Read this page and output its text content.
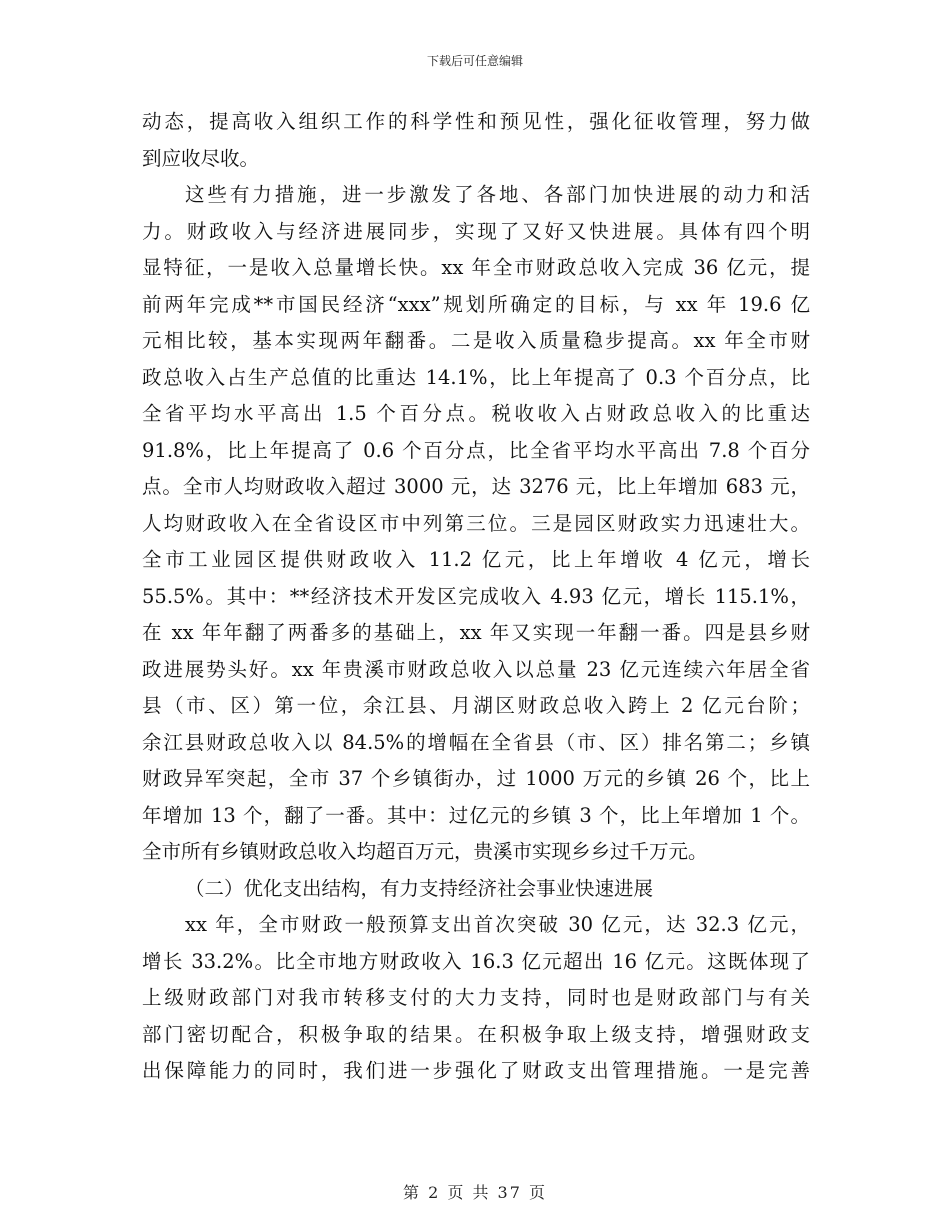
下载后可任意编辑
动态，提高收入组织工作的科学性和预见性，强化征收管理，努力做
到应收尽收。
这些有力措施，进一步激发了各地、各部门加快进展的动力和活
力。财政收入与经济进展同步，实现了又好又快进展。具体有四个明
显特征，一是收入总量增长快。xx 年全市财政总收入完成 36 亿元，提
前两年完成**市国民经济“xxx”规划所确定的目标，与 xx 年 19.6 亿
元相比较，基本实现两年翻番。二是收入质量稳步提高。xx 年全市财
政总收入占生产总值的比重达 14.1%，比上年提高了 0.3 个百分点，比
全省平均水平高出 1.5 个百分点。税收收入占财政总收入的比重达
91.8%，比上年提高了 0.6 个百分点，比全省平均水平高出 7.8 个百分
点。全市人均财政收入超过 3000 元，达 3276 元，比上年增加 683 元，
人均财政收入在全省设区市中列第三位。三是园区财政实力迅速壮大。
全市工业园区提供财政收入 11.2 亿元，比上年增收 4 亿元，增长
55.5%。其中：**经济技术开发区完成收入 4.93 亿元，增长 115.1%，
在 xx 年年翻了两番多的基础上，xx 年又实现一年翻一番。四是县乡财
政进展势头好。xx 年贵溪市财政总收入以总量 23 亿元连续六年居全省
县（市、区）第一位，余江县、月湖区财政总收入跨上 2 亿元台阶；
余江县财政总收入以 84.5%的增幅在全省县（市、区）排名第二；乡镇
财政异军突起，全市 37 个乡镇街办，过 1000 万元的乡镇 26 个，比上
年增加 13 个，翻了一番。其中：过亿元的乡镇 3 个，比上年增加 1 个。
全市所有乡镇财政总收入均超百万元，贵溪市实现乡乡过千万元。
（二）优化支出结构，有力支持经济社会事业快速进展
xx 年，全市财政一般预算支出首次突破 30 亿元，达 32.3 亿元，
增长 33.2%。比全市地方财政收入 16.3 亿元超出 16 亿元。这既体现了
上级财政部门对我市转移支付的大力支持，同时也是财政部门与有关
部门密切配合，积极争取的结果。在积极争取上级支持，增强财政支
出保障能力的同时，我们进一步强化了财政支出管理措施。一是完善
第 2 页 共 37 页
